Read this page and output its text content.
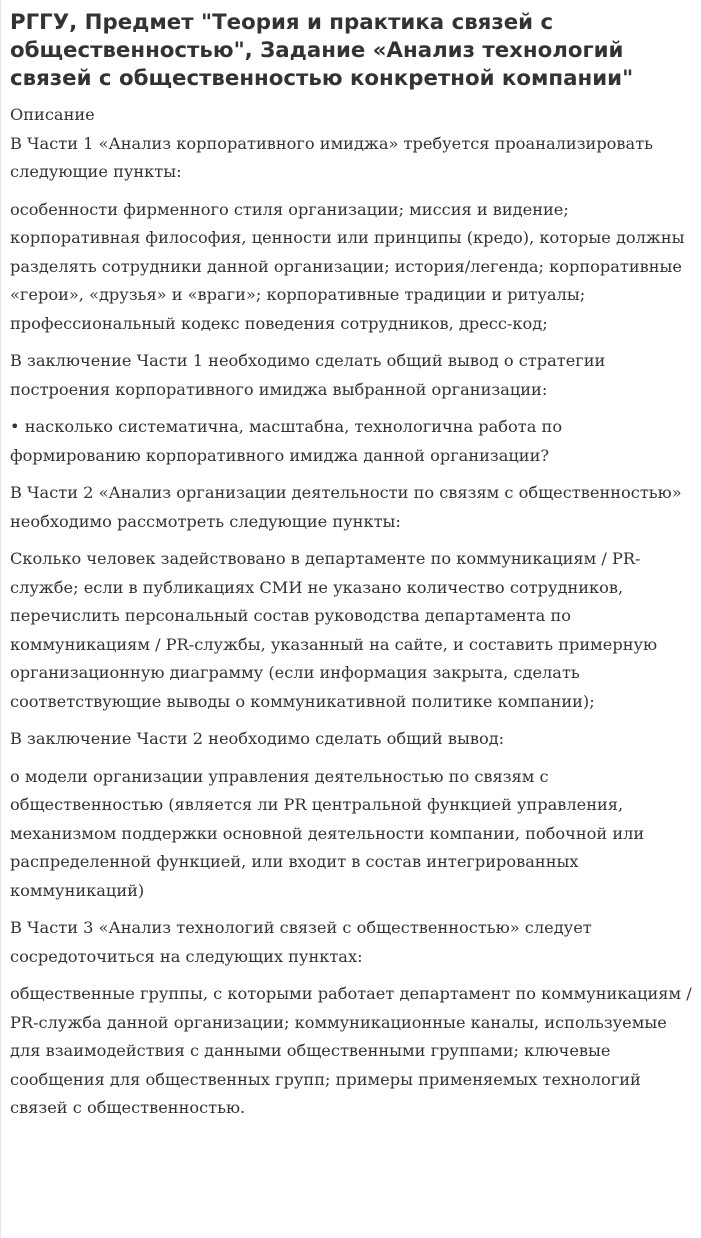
РГГУ, Предмет "Теория и практика связей с общественностью", Задание «Анализ технологий связей с общественностью конкретной компании"
Описание

В Части 1 «Анализ корпоративного имиджа» требуется проанализировать следующие пункты:

особенности фирменного стиля организации; миссия и видение; корпоративная философия, ценности или принципы (кредо), которые должны разделять сотрудники данной организации; история/легенда; корпоративные «герои», «друзья» и «враги»; корпоративные традиции и ритуалы; профессиональный кодекс поведения сотрудников, дресс-код;

В заключение Части 1 необходимо сделать общий вывод о стратегии построения корпоративного имиджа выбранной организации:

• насколько систематична, масштабна, технологична работа по формированию корпоративного имиджа данной организации?

В Части 2 «Анализ организации деятельности по связям с общественностью» необходимо рассмотреть следующие пункты:

Сколько человек задействовано в департаменте по коммуникациям / PR-службе; если в публикациях СМИ не указано количество сотрудников, перечислить персональный состав руководства департамента по коммуникациям / PR-службы, указанный на сайте, и составить примерную организационную диаграмму (если информация закрыта, сделать соответствующие выводы о коммуникативной политике компании);

В заключение Части 2 необходимо сделать общий вывод:

о модели организации управления деятельностью по связям с общественностью (является ли PR центральной функцией управления, механизмом поддержки основной деятельности компании, побочной или распределенной функцией, или входит в состав интегрированных коммуникаций)

В Части 3 «Анализ технологий связей с общественностью» следует сосредоточиться на следующих пунктах:

общественные группы, с которыми работает департамент по коммуникациям / PR-служба данной организации; коммуникационные каналы, используемые для взаимодействия с данными общественными группами; ключевые сообщения для общественных групп; примеры применяемых технологий связей с общественностью.
